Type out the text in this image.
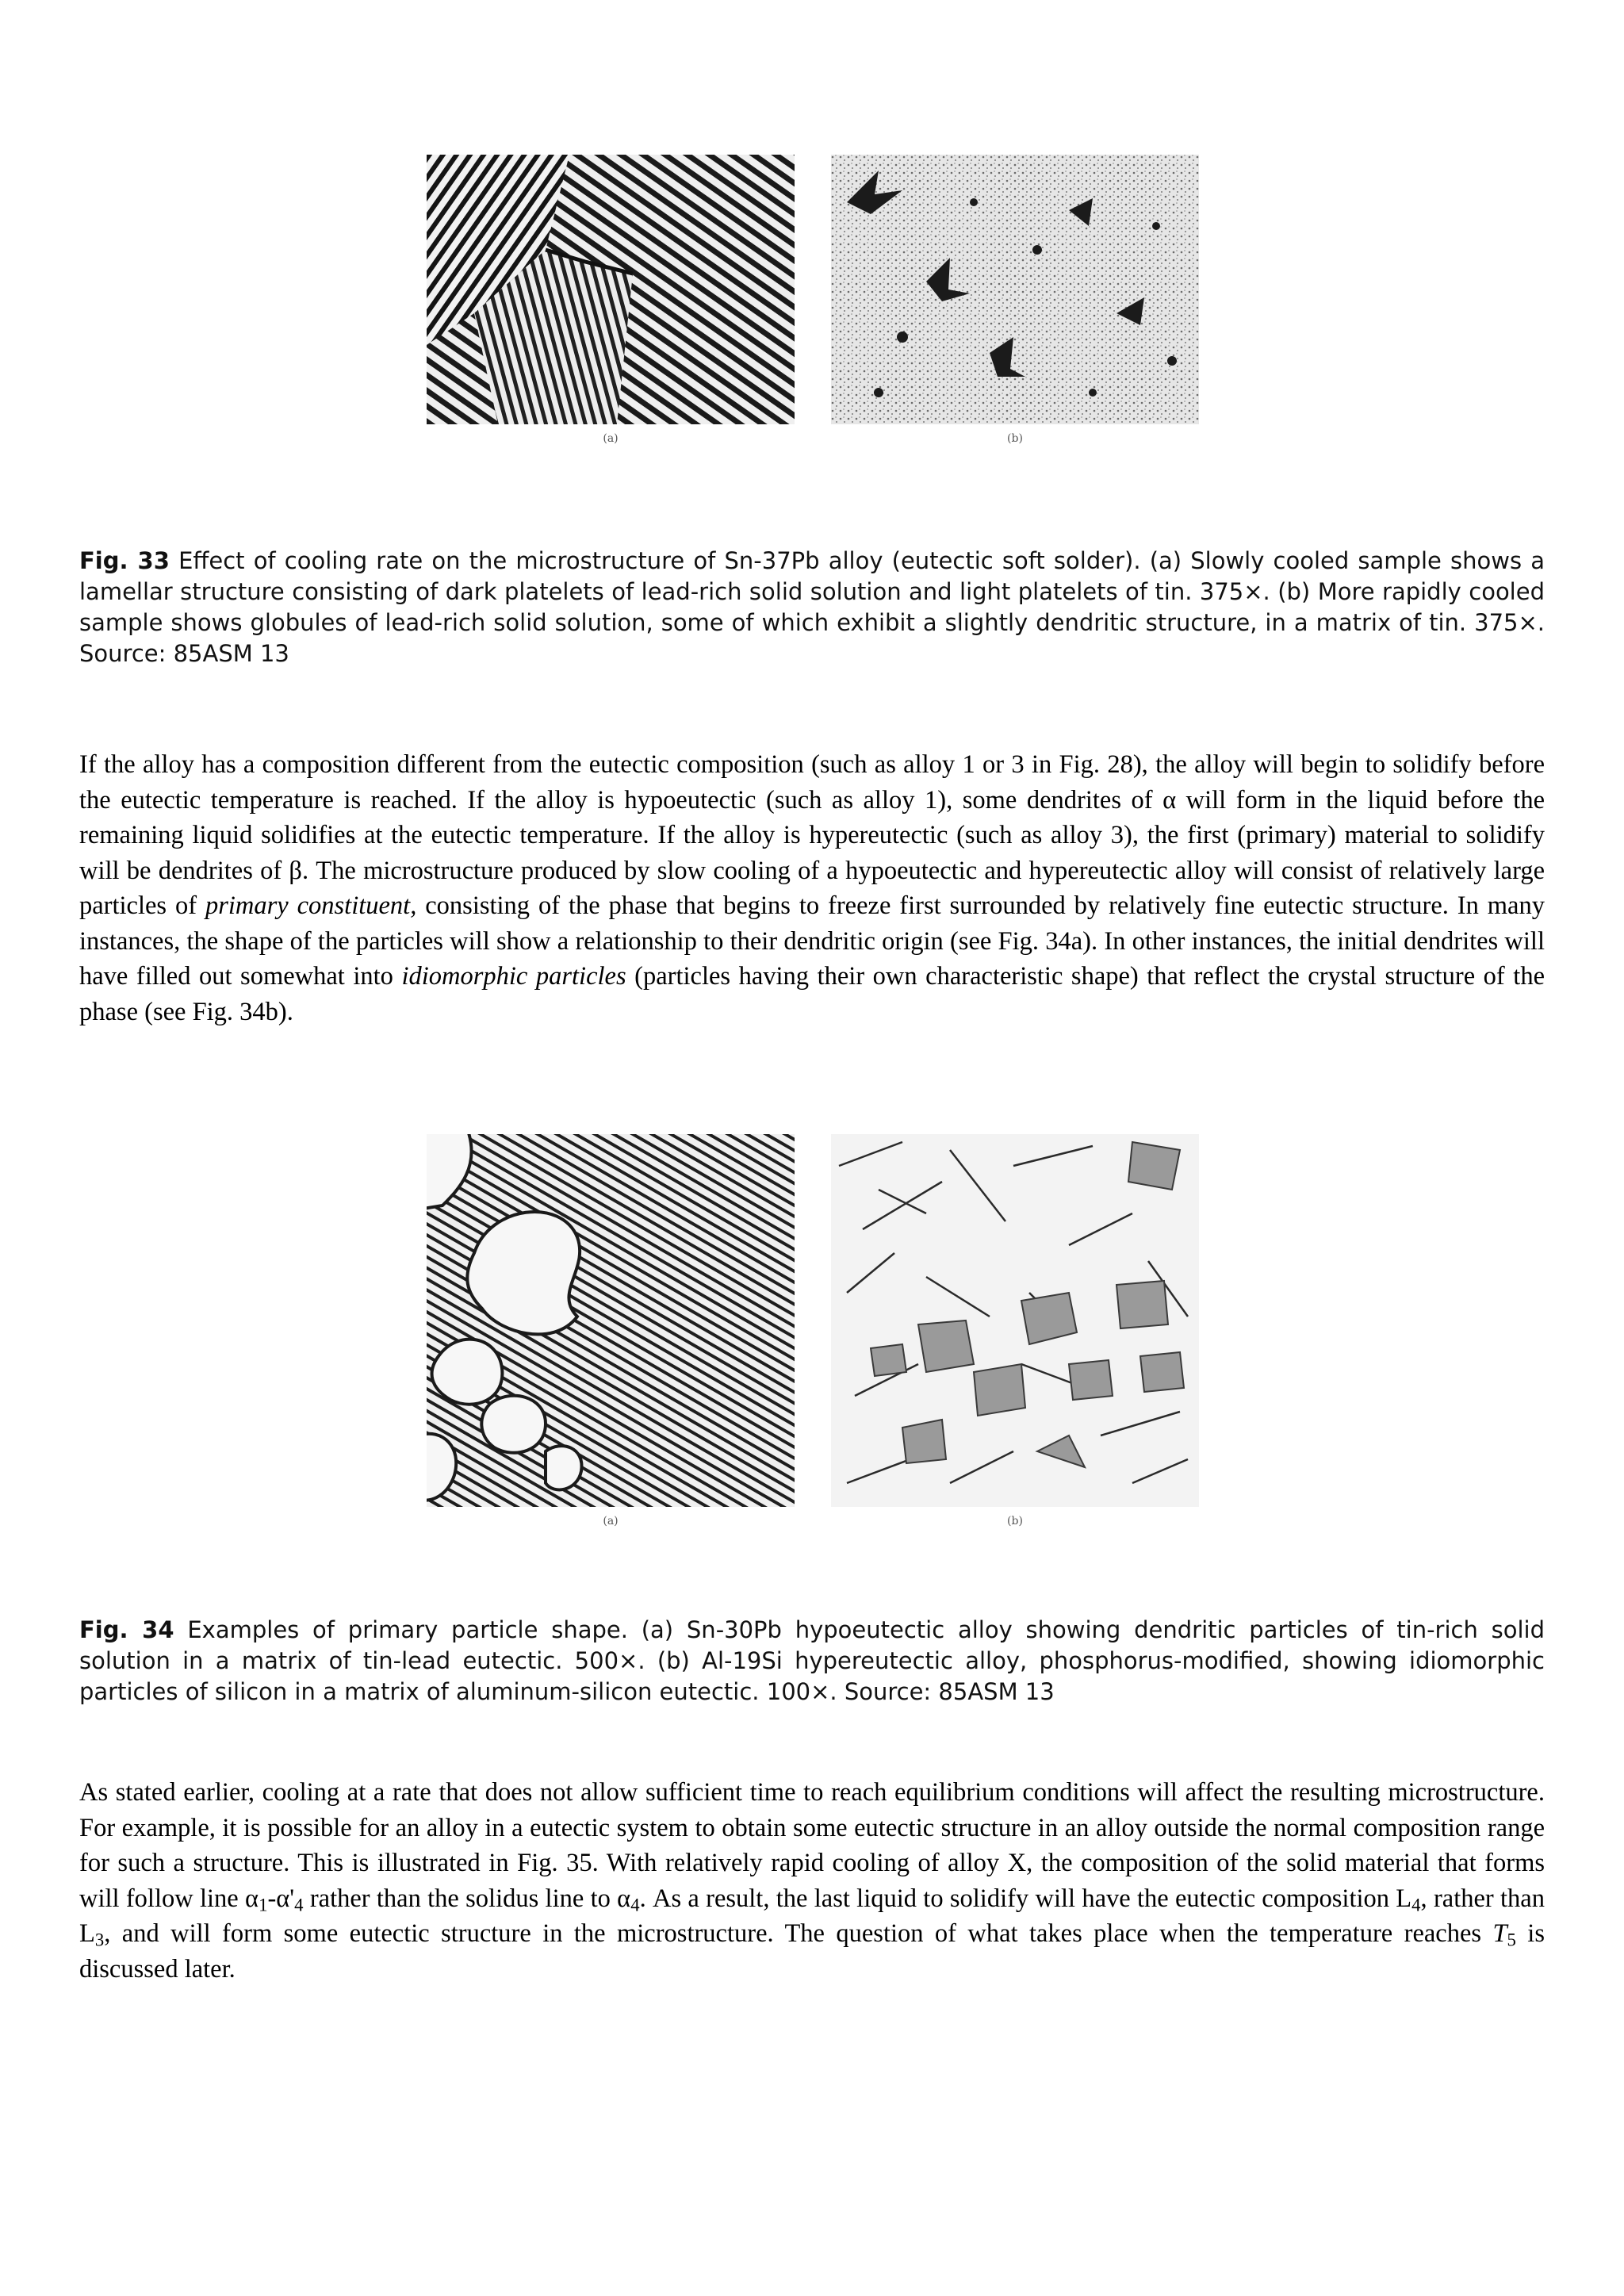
(a)	(b)
Fig. 33 Effect of cooling rate on the microstructure of Sn-37Pb alloy (eutectic soft solder). (a) Slowly cooled sample shows a lamellar structure consisting of dark platelets of lead-rich solid solution and light platelets of tin. 375×. (b) More rapidly cooled sample shows globules of lead-rich solid solution, some of which exhibit a slightly dendritic structure, in a matrix of tin. 375×. Source: 85ASM 13

If the alloy has a composition different from the eutectic composition (such as alloy 1 or 3 in Fig. 28), the alloy will begin to solidify before the eutectic temperature is reached. If the alloy is hypoeutectic (such as alloy 1), some dendrites of α will form in the liquid before the remaining liquid solidifies at the eutectic temperature. If the alloy is hypereutectic (such as alloy 3), the first (primary) material to solidify will be dendrites of β. The microstructure produced by slow cooling of a hypoeutectic and hypereutectic alloy will consist of relatively large particles of primary constituent, consisting of the phase that begins to freeze first surrounded by relatively fine eutectic structure. In many instances, the shape of the particles will show a relationship to their dendritic origin (see Fig. 34a). In other instances, the initial dendrites will have filled out somewhat into idiomorphic particles (particles having their own characteristic shape) that reflect the crystal structure of the phase (see Fig. 34b).

(a)	(b)
Fig. 34 Examples of primary particle shape. (a) Sn-30Pb hypoeutectic alloy showing dendritic particles of tin-rich solid solution in a matrix of tin-lead eutectic. 500×. (b) Al-19Si hypereutectic alloy, phosphorus-modified, showing idiomorphic particles of silicon in a matrix of aluminum-silicon eutectic. 100×. Source: 85ASM 13

As stated earlier, cooling at a rate that does not allow sufficient time to reach equilibrium conditions will affect the resulting microstructure. For example, it is possible for an alloy in a eutectic system to obtain some eutectic structure in an alloy outside the normal composition range for such a structure. This is illustrated in Fig. 35. With relatively rapid cooling of alloy X, the composition of the solid material that forms will follow line $\alpha_1-\alpha'_4$ rather than the solidus line to $\alpha_4$. As a result, the last liquid to solidify will have the eutectic composition $L_4$, rather than $L_3$, and will form some eutectic structure in the microstructure. The question of what takes place when the temperature reaches $T_5$ is discussed later.
